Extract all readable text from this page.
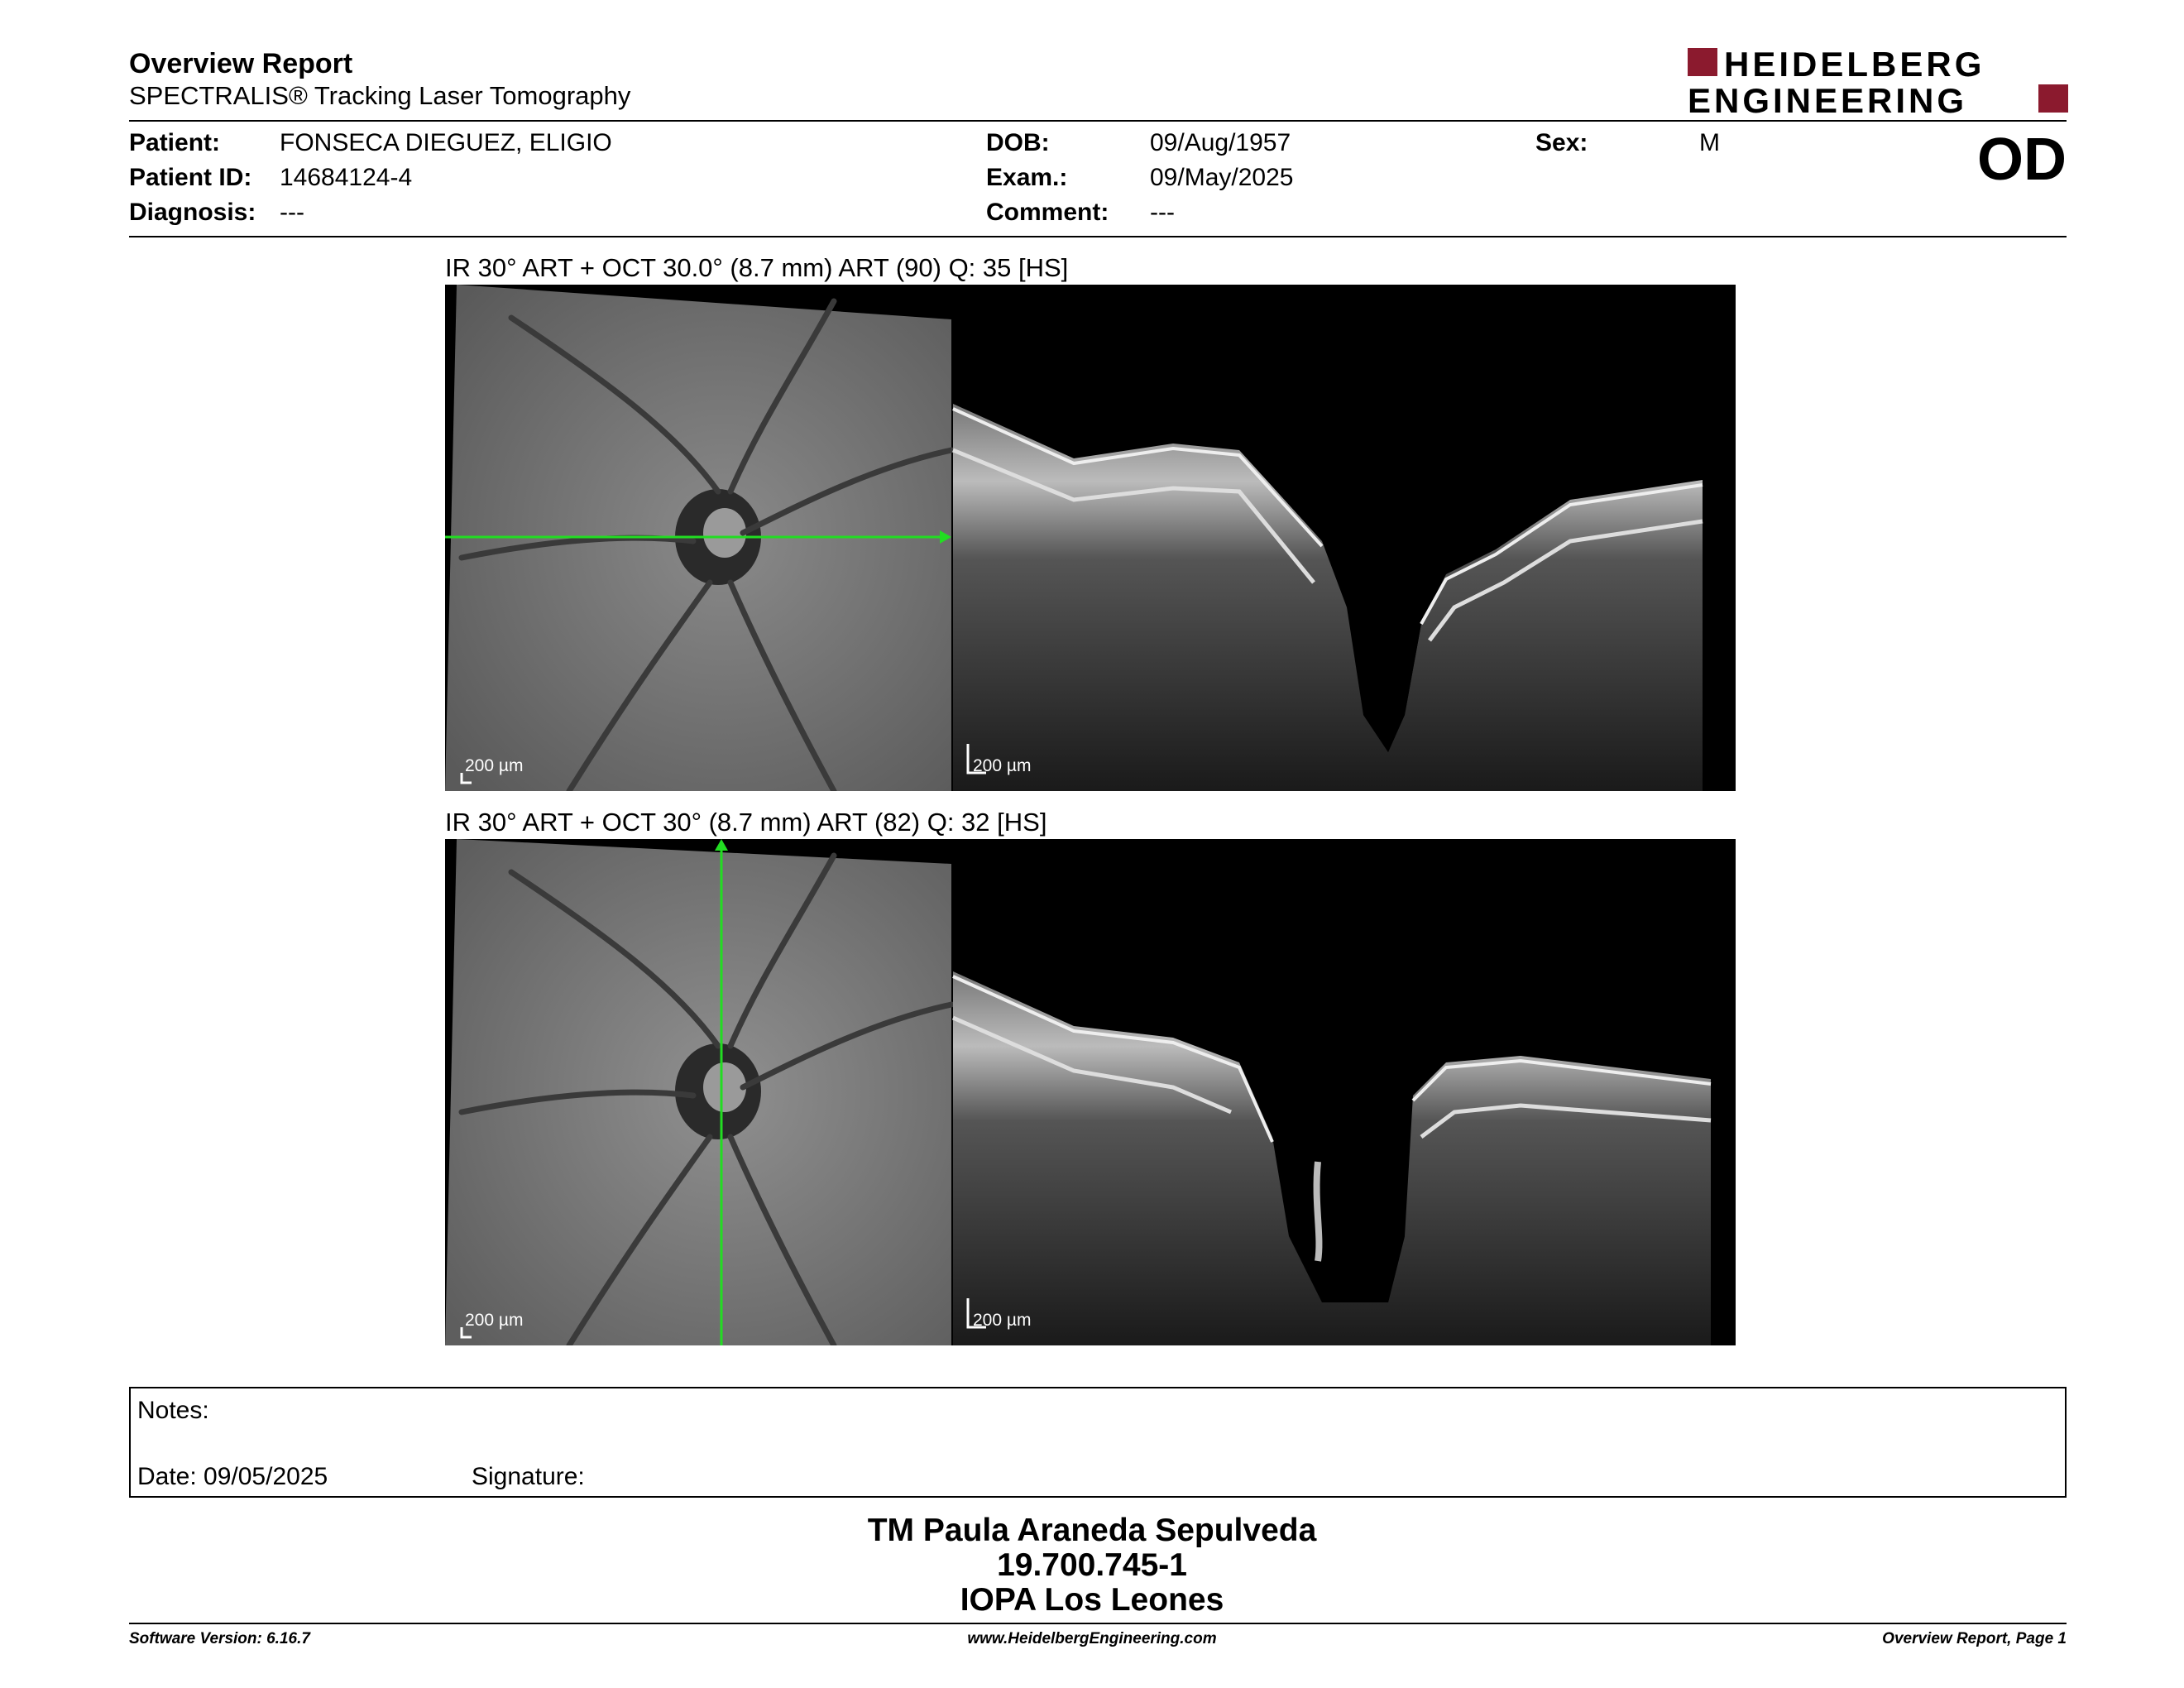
Overview Report
SPECTRALIS® Tracking Laser Tomography
HEIDELBERG
ENGINEERING
Patient: FONSECA DIEGUEZ, ELIGIO
Patient ID: 14684124-4
Diagnosis: ---
DOB:	09/Aug/1957
Exam.:	09/May/2025
Comment: ---
Sex:	M	OD
IR 30° ART + OCT 30.0° (8.7 mm) ART (90) Q: 35 [HS]
200 µm	200 µm
IR 30° ART + OCT 30° (8.7 mm) ART (82) Q: 32 [HS]
200 µm	200 µm
Notes:
Date: 09/05/2025	Signature:
TM Paula Araneda Sepulveda
19.700.745-1
IOPA Los Leones
Software Version: 6.16.7	www.HeidelbergEngineering.com	Overview Report, Page 1
